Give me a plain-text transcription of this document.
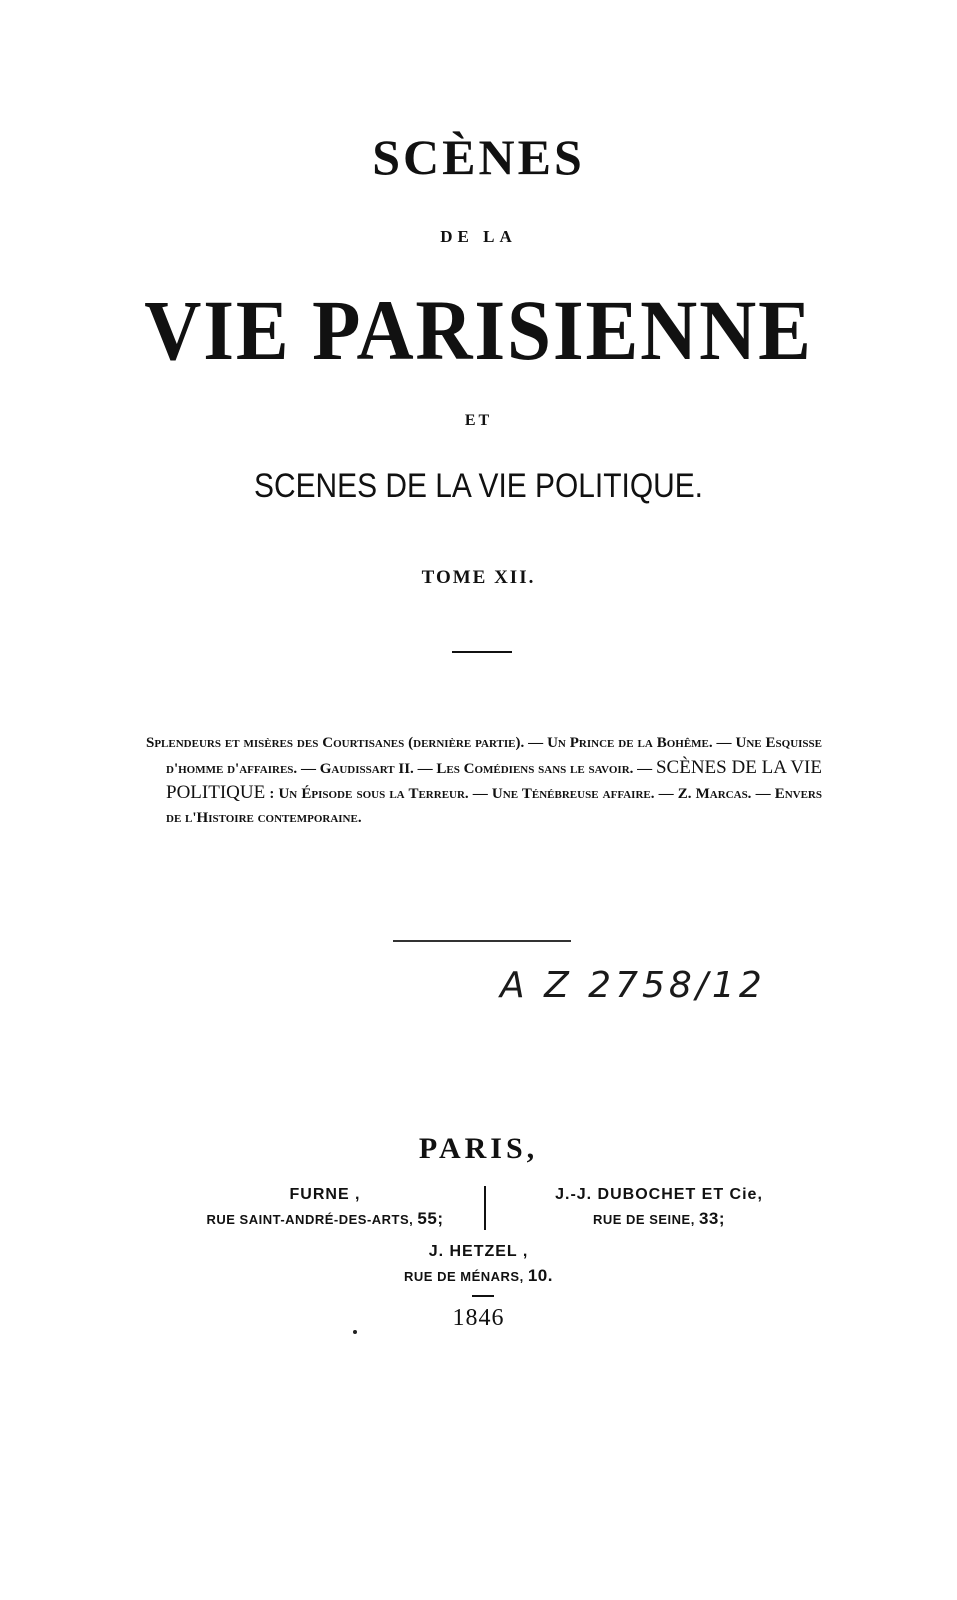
SCÈNES
DE LA
VIE PARISIENNE
ET
SCENES DE LA VIE POLITIQUE.
TOME XII.

Splendeurs et misères des Courtisanes (dernière partie). — Un Prince de la Bohême. — Une Esquisse d'homme d'affaires. — Gaudissart II. — Les Comédiens sans le savoir. — SCÈNES DE LA VIE POLITIQUE : Un Épisode sous la Terreur. — Une Ténébreuse affaire. — Z. Marcas. — Envers de l'Histoire contemporaine.

A Z 2758/12
PARIS,
FURNE ,
RUE SAINT-ANDRÉ-DES-ARTS, 55;
J.-J. DUBOCHET ET Cie,
RUE DE SEINE, 33;
J. HETZEL ,
RUE DE MÉNARS, 10.
1846
